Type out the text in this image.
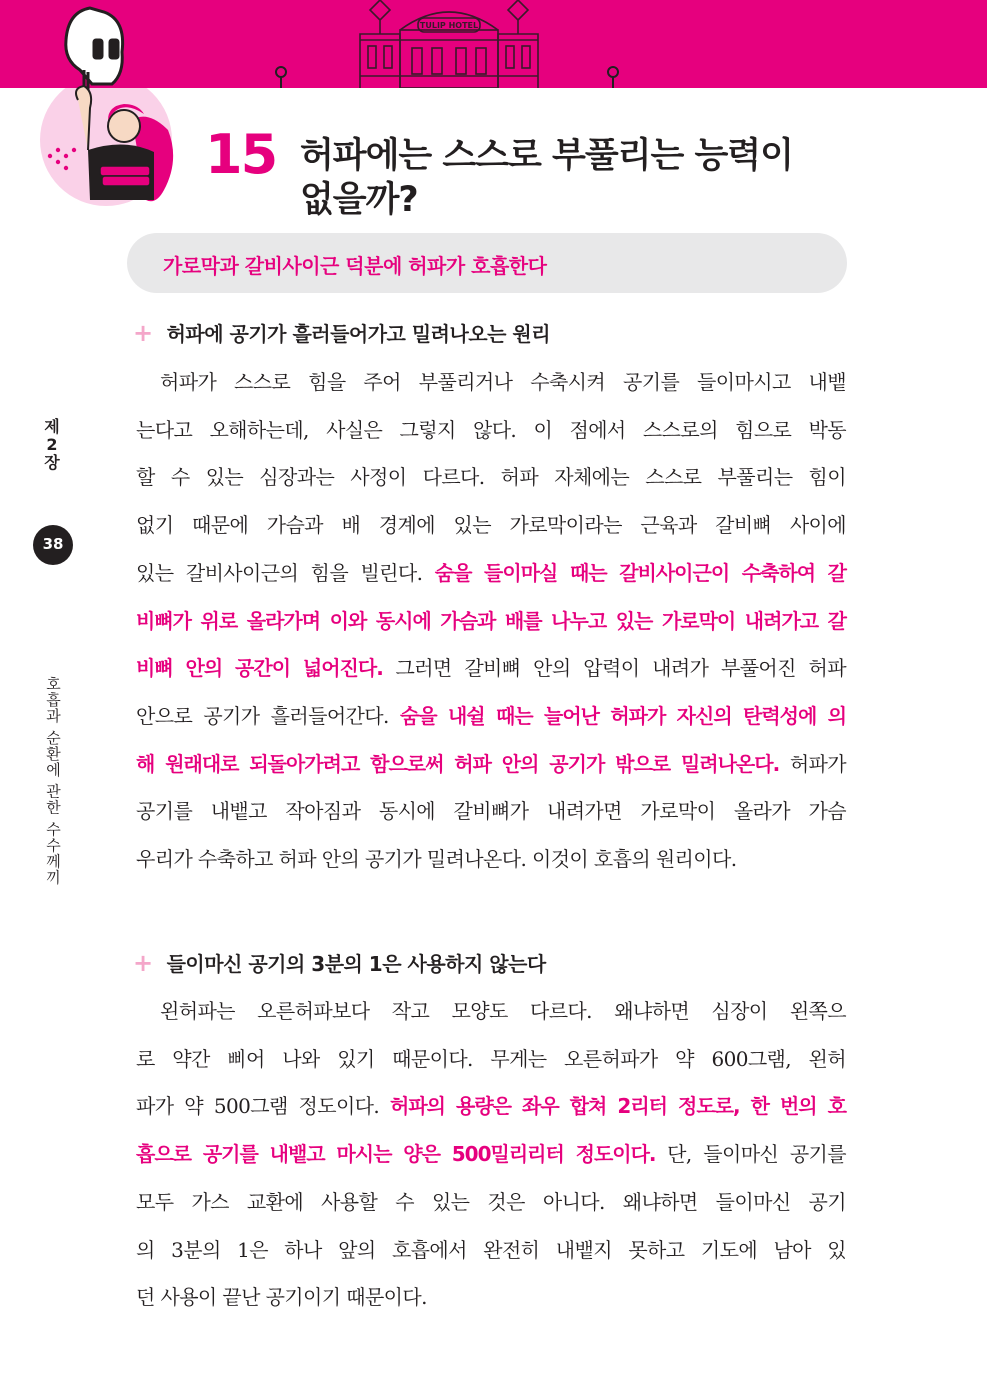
TULIP HOTEL
15 허파에는 스스로 부풀리는 능력이
없을까?
가로막과 갈비사이근 덕분에 허파가 호흡한다
제
2
장
38
호흡과 순환에 관한 수수께끼
+ 허파에 공기가 흘러들어가고 밀려나오는 원리
허파가 스스로 힘을 주어 부풀리거나 수축시켜 공기를 들이마시고 내뱉
는다고 오해하는데, 사실은 그렇지 않다. 이 점에서 스스로의 힘으로 박동
할 수 있는 심장과는 사정이 다르다. 허파 자체에는 스스로 부풀리는 힘이
없기 때문에 가슴과 배 경계에 있는 가로막이라는 근육과 갈비뼈 사이에
있는 갈비사이근의 힘을 빌린다. 숨을 들이마실 때는 갈비사이근이 수축하여 갈
비뼈가 위로 올라가며 이와 동시에 가슴과 배를 나누고 있는 가로막이 내려가고 갈
비뼈 안의 공간이 넓어진다. 그러면 갈비뼈 안의 압력이 내려가 부풀어진 허파
안으로 공기가 흘러들어간다. 숨을 내쉴 때는 늘어난 허파가 자신의 탄력성에 의
해 원래대로 되돌아가려고 함으로써 허파 안의 공기가 밖으로 밀려나온다. 허파가
공기를 내뱉고 작아짐과 동시에 갈비뼈가 내려가면 가로막이 올라가 가슴
우리가 수축하고 허파 안의 공기가 밀려나온다. 이것이 호흡의 원리이다.
+ 들이마신 공기의 3분의 1은 사용하지 않는다
왼허파는 오른허파보다 작고 모양도 다르다. 왜냐하면 심장이 왼쪽으
로 약간 삐어 나와 있기 때문이다. 무게는 오른허파가 약 600그램, 왼허
파가 약 500그램 정도이다. 허파의 용량은 좌우 합쳐 2리터 정도로, 한 번의 호
흡으로 공기를 내뱉고 마시는 양은 500밀리리터 정도이다. 단, 들이마신 공기를
모두 가스 교환에 사용할 수 있는 것은 아니다. 왜냐하면 들이마신 공기
의 3분의 1은 하나 앞의 호흡에서 완전히 내뱉지 못하고 기도에 남아 있
던 사용이 끝난 공기이기 때문이다.
